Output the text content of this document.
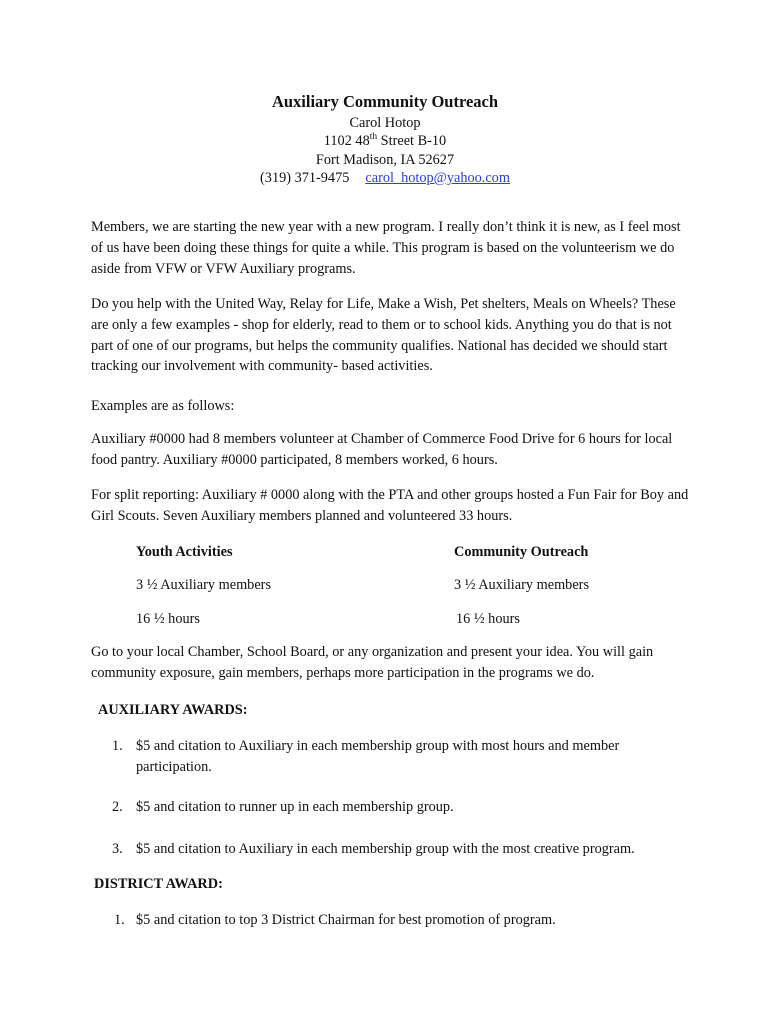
Auxiliary Community Outreach
Carol Hotop
1102 48th Street B-10
Fort Madison, IA 52627
(319) 371-9475 carol_hotop@yahoo.com

Members, we are starting the new year with a new program. I really don’t think it is new, as I feel most of us have been doing these things for quite a while. This program is based on the volunteerism we do aside from VFW or VFW Auxiliary programs.

Do you help with the United Way, Relay for Life, Make a Wish, Pet shelters, Meals on Wheels? These are only a few examples - shop for elderly, read to them or to school kids. Anything you do that is not part of one of our programs, but helps the community qualifies. National has decided we should start tracking our involvement with community- based activities.

Examples are as follows:

Auxiliary #0000 had 8 members volunteer at Chamber of Commerce Food Drive for 6 hours for local food pantry. Auxiliary #0000 participated, 8 members worked, 6 hours.

For split reporting: Auxiliary # 0000 along with the PTA and other groups hosted a Fun Fair for Boy and Girl Scouts. Seven Auxiliary members planned and volunteered 33 hours.

Youth Activities	Community Outreach
3 ½ Auxiliary members	3 ½ Auxiliary members
16 ½ hours	16 ½ hours

Go to your local Chamber, School Board, or any organization and present your idea. You will gain community exposure, gain members, perhaps more participation in the programs we do.

AUXILIARY AWARDS:
1. $5 and citation to Auxiliary in each membership group with most hours and member participation.
2. $5 and citation to runner up in each membership group.
3. $5 and citation to Auxiliary in each membership group with the most creative program.
DISTRICT AWARD:
1. $5 and citation to top 3 District Chairman for best promotion of program.
